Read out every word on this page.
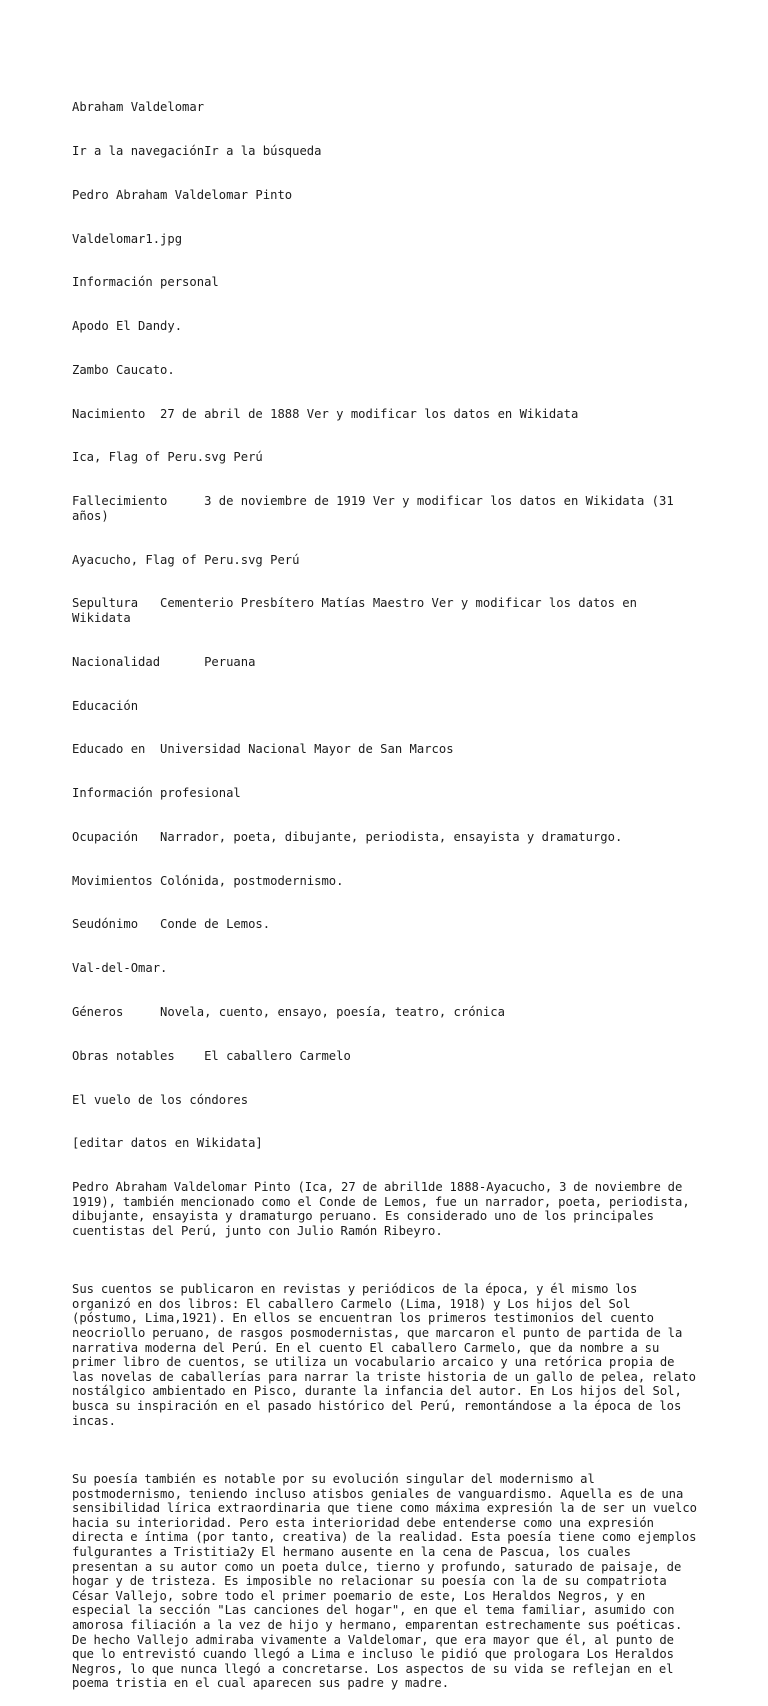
Abraham Valdelomar

Ir a la navegaciónIr a la búsqueda

Pedro Abraham Valdelomar Pinto

Valdelomar1.jpg

Información personal

Apodo El Dandy.

Zambo Caucato.

Nacimiento  27 de abril de 1888 Ver y modificar los datos en Wikidata

Ica, Flag of Peru.svg Perú

Fallecimiento     3 de noviembre de 1919 Ver y modificar los datos en Wikidata (31 años)

Ayacucho, Flag of Peru.svg Perú

Sepultura   Cementerio Presbítero Matías Maestro Ver y modificar los datos en Wikidata

Nacionalidad      Peruana

Educación

Educado en  Universidad Nacional Mayor de San Marcos

Información profesional

Ocupación   Narrador, poeta, dibujante, periodista, ensayista y dramaturgo.

Movimientos Colónida, postmodernismo.

Seudónimo   Conde de Lemos.

Val-del-Omar.

Géneros     Novela, cuento, ensayo, poesía, teatro, crónica

Obras notables    El caballero Carmelo

El vuelo de los cóndores

[editar datos en Wikidata]

Pedro Abraham Valdelomar Pinto (Ica, 27 de abril1de 1888-Ayacucho, 3 de noviembre de 1919), también mencionado como el Conde de Lemos, fue un narrador, poeta, periodista, dibujante, ensayista y dramaturgo peruano. Es considerado uno de los principales cuentistas del Perú, junto con Julio Ramón Ribeyro.

Sus cuentos se publicaron en revistas y periódicos de la época, y él mismo los organizó en dos libros: El caballero Carmelo (Lima, 1918) y Los hijos del Sol (póstumo, Lima,1921). En ellos se encuentran los primeros testimonios del cuento neocriollo peruano, de rasgos posmodernistas, que marcaron el punto de partida de la narrativa moderna del Perú. En el cuento El caballero Carmelo, que da nombre a su primer libro de cuentos, se utiliza un vocabulario arcaico y una retórica propia de las novelas de caballerías para narrar la triste historia de un gallo de pelea, relato nostálgico ambientado en Pisco, durante la infancia del autor. En Los hijos del Sol, busca su inspiración en el pasado histórico del Perú, remontándose a la época de los incas.

Su poesía también es notable por su evolución singular del modernismo al postmodernismo, teniendo incluso atisbos geniales de vanguardismo. Aquella es de una sensibilidad lírica extraordinaria que tiene como máxima expresión la de ser un vuelco hacia su interioridad. Pero esta interioridad debe entenderse como una expresión directa e íntima (por tanto, creativa) de la realidad. Esta poesía tiene como ejemplos fulgurantes a Tristitia2y El hermano ausente en la cena de Pascua, los cuales presentan a su autor como un poeta dulce, tierno y profundo, saturado de paisaje, de hogar y de tristeza. Es imposible no relacionar su poesía con la de su compatriota César Vallejo, sobre todo el primer poemario de este, Los Heraldos Negros, y en especial la sección "Las canciones del hogar", en que el tema familiar, asumido con amorosa filiación a la vez de hijo y hermano, emparentan estrechamente sus poéticas. De hecho Vallejo admiraba vivamente a Valdelomar, que era mayor que él, al punto de que lo entrevistó cuando llegó a Lima e incluso le pidió que prologara Los Heraldos Negros, lo que nunca llegó a concretarse. Los aspectos de su vida se reflejan en el poema tristia en el cual aparecen sus padre y madre.
